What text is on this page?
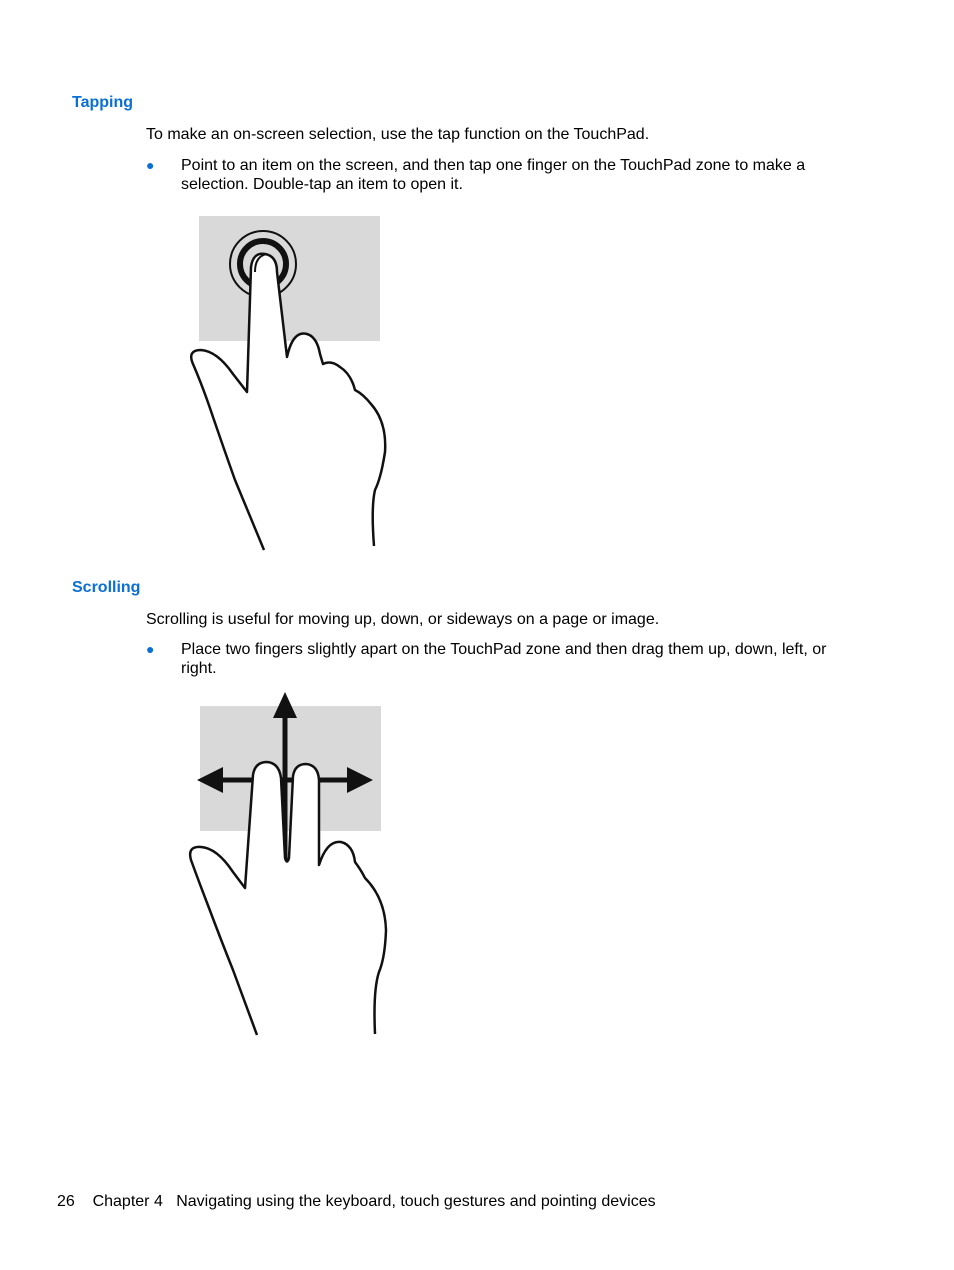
Tapping

To make an on-screen selection, use the tap function on the TouchPad.

● Point to an item on the screen, and then tap one finger on the TouchPad zone to make a selection. Double-tap an item to open it.
Scrolling

Scrolling is useful for moving up, down, or sideways on a page or image.

● Place two fingers slightly apart on the TouchPad zone and then drag them up, down, left, or right.
26 Chapter 4 Navigating using the keyboard, touch gestures and pointing devices
